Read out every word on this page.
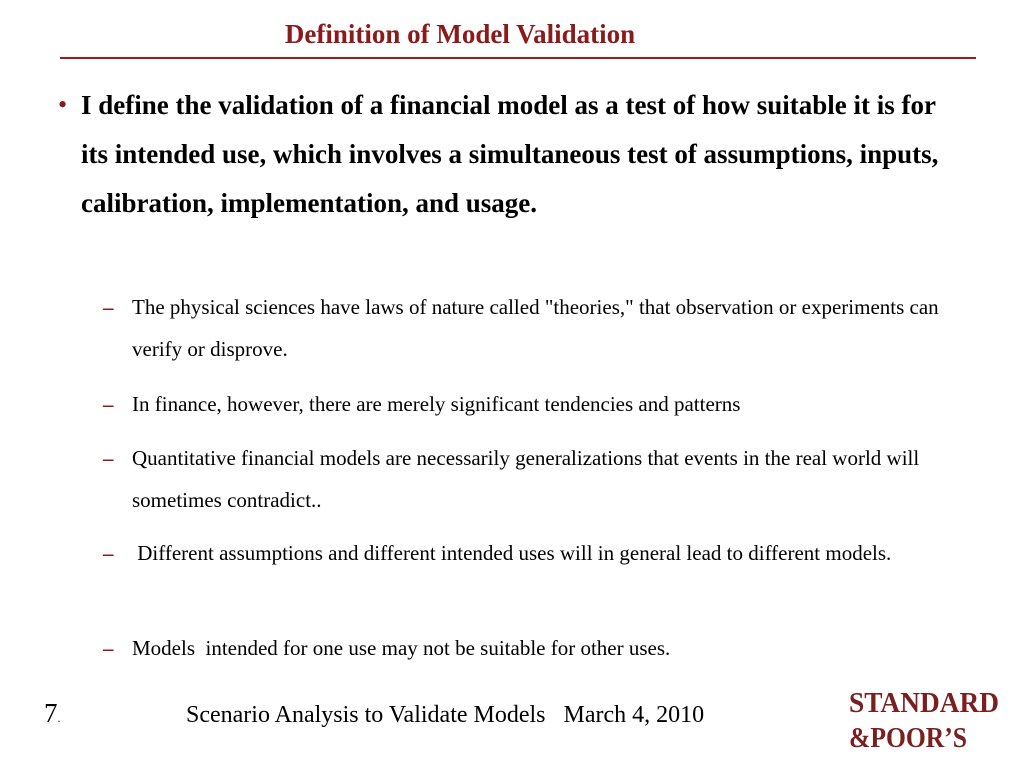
Definition of Model Validation
• I define the validation of a financial model as a test of how suitable it is for its intended use, which involves a simultaneous test of assumptions, inputs, calibration, implementation, and usage.
– The physical sciences have laws of nature called "theories," that observation or experiments can verify or disprove.
– In finance, however, there are merely significant tendencies and patterns
– Quantitative financial models are necessarily generalizations that events in the real world will sometimes contradict..
– Different assumptions and different intended uses will in general lead to different models.
– Models  intended for one use may not be suitable for other uses.
7.	Scenario Analysis to Validate Models   March 4, 2010	STANDARD
&POOR’S
